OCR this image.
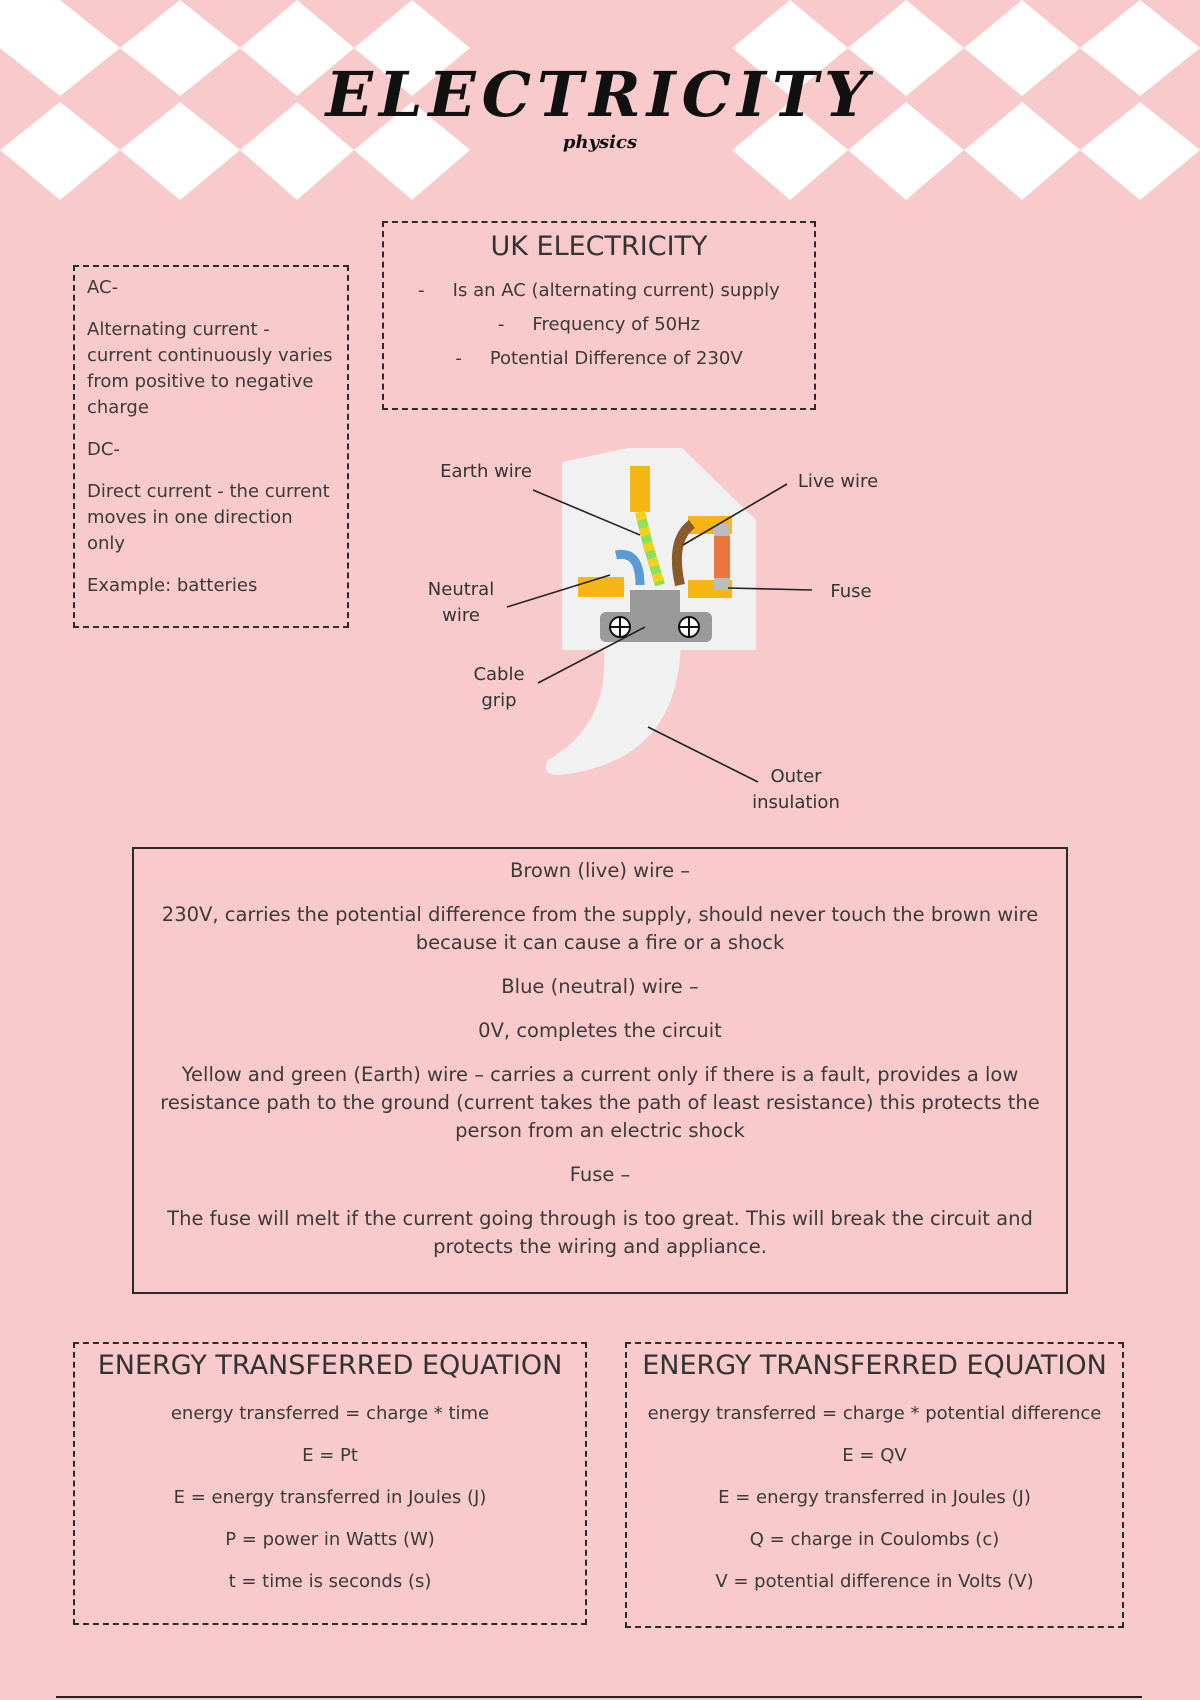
ELECTRICITY
physics

AC-

Alternating current - current continuously varies from positive to negative charge

DC-

Direct current - the current moves in one direction only

Example: batteries

UK ELECTRICITY
- Is an AC (alternating current) supply
- Frequency of 50Hz
- Potential Difference of 230V
Earth wire	Live wire
Neutral
wire
Fuse
Cable
grip
Outer
insulation

Brown (live) wire –

230V, carries the potential difference from the supply, should never touch the brown wire because it can cause a fire or a shock

Blue (neutral) wire –

0V, completes the circuit

Yellow and green (Earth) wire – carries a current only if there is a fault, provides a low resistance path to the ground (current takes the path of least resistance) this protects the person from an electric shock

Fuse –

The fuse will melt if the current going through is too great. This will break the circuit and protects the wiring and appliance.

ENERGY TRANSFERRED EQUATION
energy transferred = charge * time
E = Pt
E = energy transferred in Joules (J)
P = power in Watts (W)
t = time is seconds (s)
ENERGY TRANSFERRED EQUATION
energy transferred = charge * potential difference
E = QV
E = energy transferred in Joules (J)
Q = charge in Coulombs (c)
V = potential difference in Volts (V)
